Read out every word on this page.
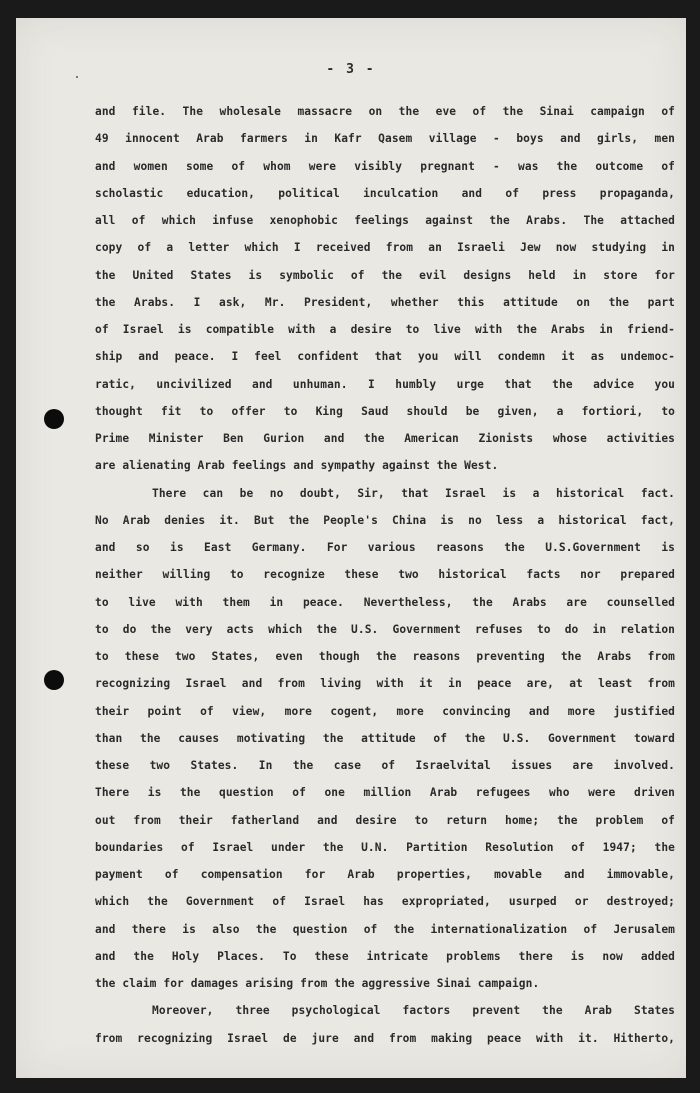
- 3 -
and file. The wholesale massacre on the eve of the Sinai campaign of
49 innocent Arab farmers in Kafr Qasem village - boys and girls, men
and women some of whom were visibly pregnant - was the outcome of
scholastic education, political inculcation and of press propaganda,
all of which infuse xenophobic feelings against the Arabs. The attached
copy of a letter which I received from an Israeli Jew now studying in
the United States is symbolic of the evil designs held in store for
the Arabs. I ask, Mr. President, whether this attitude on the part
of Israel is compatible with a desire to live with the Arabs in friend-
ship and peace. I feel confident that you will condemn it as undemoc-
ratic, uncivilized and unhuman. I humbly urge that the advice you
thought fit to offer to King Saud should be given, a fortiori, to
Prime Minister Ben Gurion and the American Zionists whose activities
are alienating Arab feelings and sympathy against the West.
There can be no doubt, Sir, that Israel is a historical fact.
No Arab denies it. But the People's China is no less a historical fact,
and so is East Germany. For various reasons the U.S.Government is
neither willing to recognize these two historical facts nor prepared
to live with them in peace. Nevertheless, the Arabs are counselled
to do the very acts which the U.S. Government refuses to do in relation
to these two States, even though the reasons preventing the Arabs from
recognizing Israel and from living with it in peace are, at least from
their point of view, more cogent, more convincing and more justified
than the causes motivating the attitude of the U.S. Government toward
these two States. In the case of Israelvital issues are involved.
There is the question of one million Arab refugees who were driven
out from their fatherland and desire to return home; the problem of
boundaries of Israel under the U.N. Partition Resolution of 1947; the
payment of compensation for Arab properties, movable and immovable,
which the Government of Israel has expropriated, usurped or destroyed;
and there is also the question of the internationalization of Jerusalem
and the Holy Places. To these intricate problems there is now added
the claim for damages arising from the aggressive Sinai campaign.
Moreover, three psychological factors prevent the Arab States
from recognizing Israel de jure and from making peace with it. Hitherto,
